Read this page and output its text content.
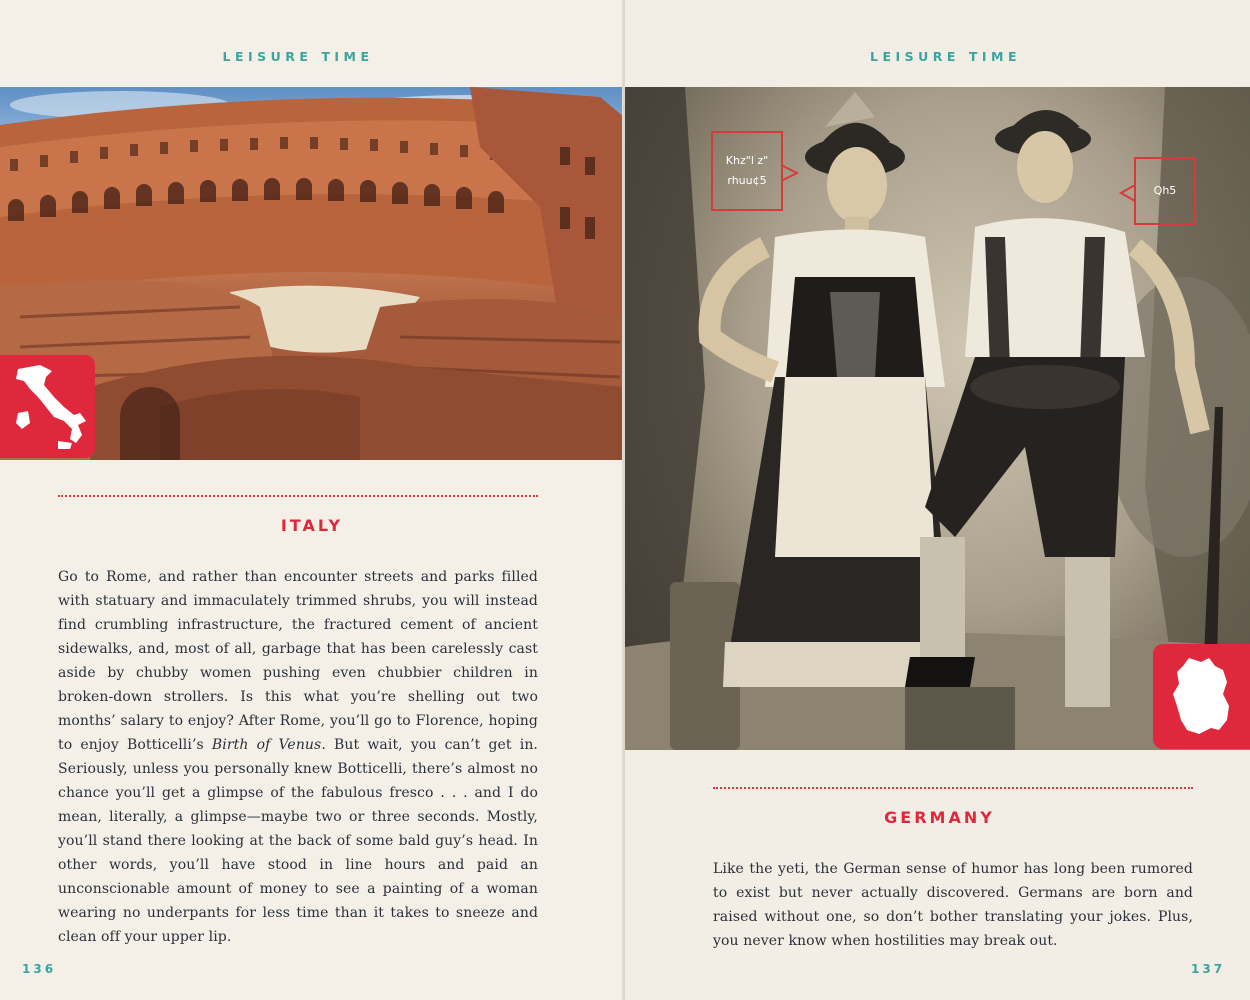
LEISURE TIME
ITALY

Go to Rome, and rather than encounter streets and parks filled with statuary and immaculately trimmed shrubs, you will instead find crumbling infrastructure, the fractured cement of ancient sidewalks, and, most of all, garbage that has been carelessly cast aside by chubby women pushing even chubbier children in broken-down strollers. Is this what you’re shelling out two months’ salary to enjoy? After Rome, you’ll go to Florence, hoping to enjoy Botticelli’s Birth of Venus. But wait, you can’t get in. Seriously, unless you personally knew Botticelli, there’s almost no chance you’ll get a glimpse of the fabulous fresco . . . and I do mean, literally, a glimpse—maybe two or three seconds. Mostly, you’ll stand there looking at the back of some bald guy’s head. In other words, you’ll have stood in line hours and paid an unconscionable amount of money to see a painting of a woman wearing no underpants for less time than it takes to sneeze and clean off your upper lip.

136
LEISURE TIME
Khz"l z"
rhuu¢5
Qh5
GERMANY
Like the yeti, the German sense of humor has long been rumored to exist but never actually discovered. Germans are born and raised without one, so don’t bother translating your jokes. Plus, you never know when hostilities may break out.
137
